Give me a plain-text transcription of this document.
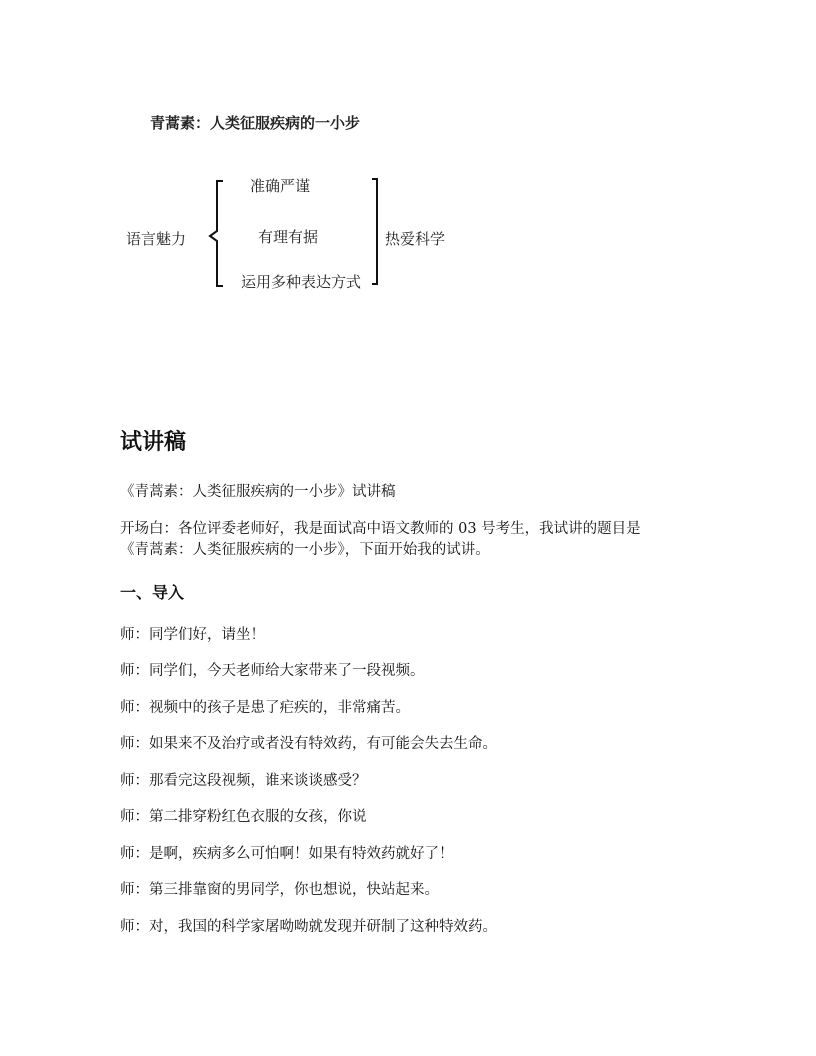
青蒿素：人类征服疾病的一小步
语言魅力
准确严谨
有理有据
运用多种表达方式
热爱科学
试讲稿
《青蒿素：人类征服疾病的一小步》试讲稿
开场白：各位评委老师好，我是面试高中语文教师的 03 号考生，我试讲的题目是
《青蒿素：人类征服疾病的一小步》，下面开始我的试讲。
一、导入
师：同学们好，请坐！
师：同学们，今天老师给大家带来了一段视频。
师：视频中的孩子是患了疟疾的，非常痛苦。
师：如果来不及治疗或者没有特效药，有可能会失去生命。
师：那看完这段视频，谁来谈谈感受？
师：第二排穿粉红色衣服的女孩，你说
师：是啊，疾病多么可怕啊！如果有特效药就好了！
师：第三排靠窗的男同学，你也想说，快站起来。
师：对，我国的科学家屠呦呦就发现并研制了这种特效药。
